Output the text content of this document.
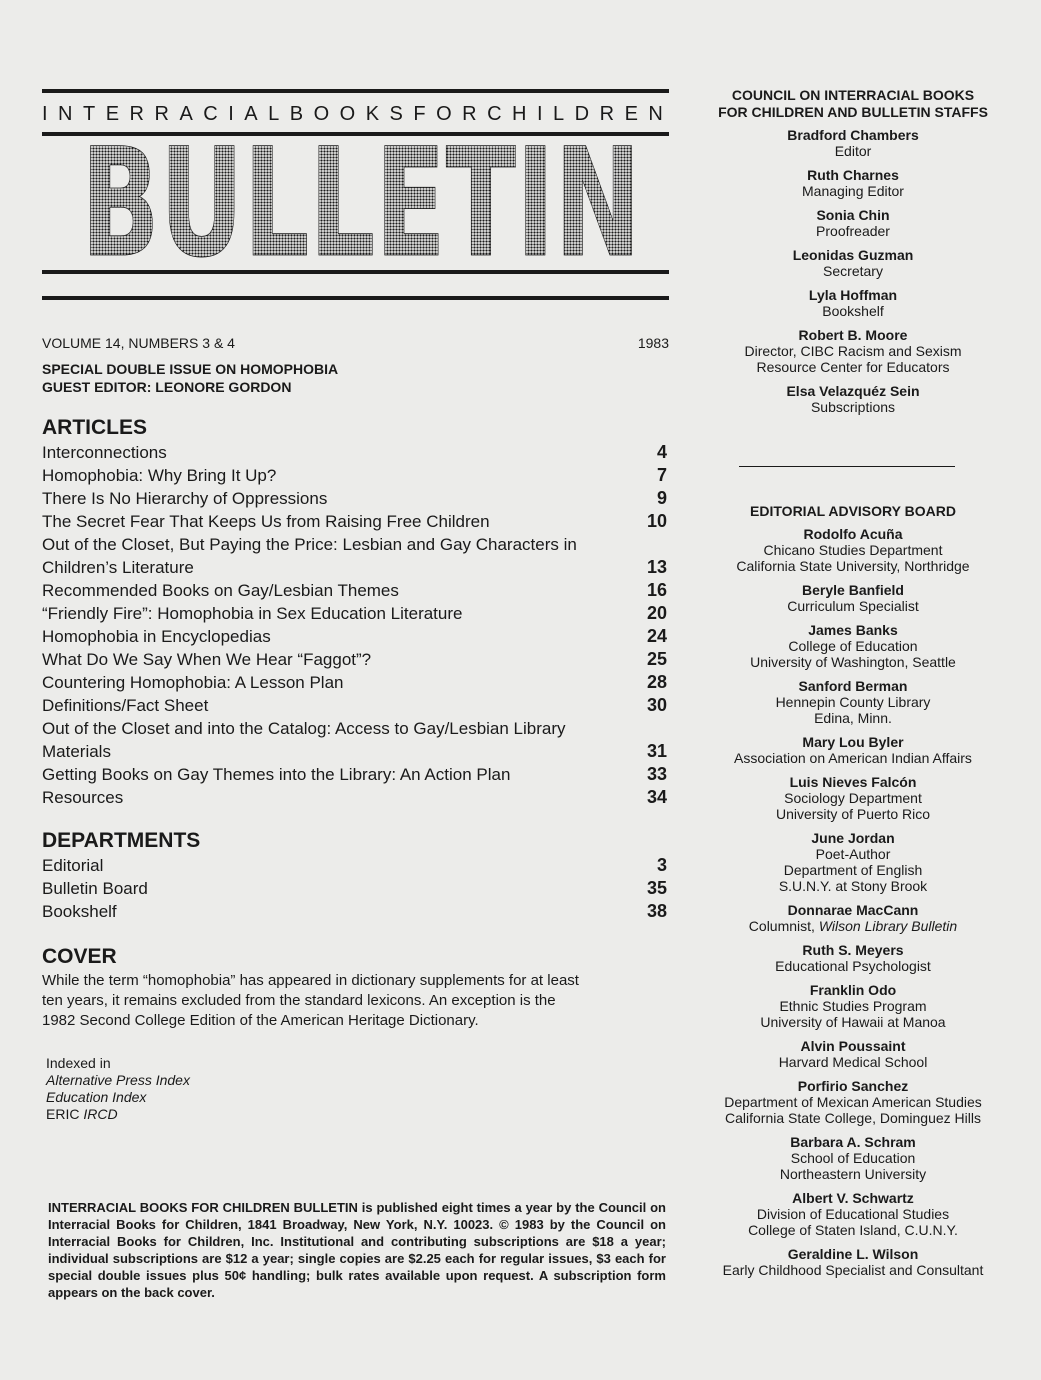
INTERRACIAL BOOKS FOR CHILDREN
BULLETIN
VOLUME 14, NUMBERS 3 & 4	1983
SPECIAL DOUBLE ISSUE ON HOMOPHOBIA
GUEST EDITOR: LEONORE GORDON
ARTICLES
Interconnections	4
Homophobia: Why Bring It Up?	7
There Is No Hierarchy of Oppressions	9
The Secret Fear That Keeps Us from Raising Free Children	10
Out of the Closet, But Paying the Price: Lesbian and Gay Characters in Children’s Literature	13
Recommended Books on Gay/Lesbian Themes	16
“Friendly Fire”: Homophobia in Sex Education Literature	20
Homophobia in Encyclopedias	24
What Do We Say When We Hear “Faggot”?	25
Countering Homophobia: A Lesson Plan	28
Definitions/Fact Sheet	30
Out of the Closet and into the Catalog: Access to Gay/Lesbian Library Materials	31
Getting Books on Gay Themes into the Library: An Action Plan	33
Resources	34
DEPARTMENTS
Editorial	3
Bulletin Board	35
Bookshelf	38
COVER
While the term “homophobia” has appeared in dictionary supplements for at least ten years, it remains excluded from the standard lexicons. An exception is the 1982 Second College Edition of the American Heritage Dictionary.
Indexed in
Alternative Press Index
Education Index
ERIC IRCD
INTERRACIAL BOOKS FOR CHILDREN BULLETIN is published eight times a year by the Council on Interracial Books for Children, 1841 Broadway, New York, N.Y. 10023. © 1983 by the Council on Interracial Books for Children, Inc. Institutional and contributing subscriptions are $18 a year; individual subscriptions are $12 a year; single copies are $2.25 each for regular issues, $3 each for special double issues plus 50¢ handling; bulk rates available upon request. A subscription form appears on the back cover.
COUNCIL ON INTERRACIAL BOOKS
FOR CHILDREN AND BULLETIN STAFFS
Bradford Chambers
Editor
Ruth Charnes
Managing Editor
Sonia Chin
Proofreader
Leonidas Guzman
Secretary
Lyla Hoffman
Bookshelf
Robert B. Moore
Director, CIBC Racism and Sexism
Resource Center for Educators
Elsa Velazquéz Sein
Subscriptions
EDITORIAL ADVISORY BOARD
Rodolfo Acuña
Chicano Studies Department
California State University, Northridge
Beryle Banfield
Curriculum Specialist
James Banks
College of Education
University of Washington, Seattle
Sanford Berman
Hennepin County Library
Edina, Minn.
Mary Lou Byler
Association on American Indian Affairs
Luis Nieves Falcón
Sociology Department
University of Puerto Rico
June Jordan
Poet-Author
Department of English
S.U.N.Y. at Stony Brook
Donnarae MacCann
Columnist, Wilson Library Bulletin
Ruth S. Meyers
Educational Psychologist
Franklin Odo
Ethnic Studies Program
University of Hawaii at Manoa
Alvin Poussaint
Harvard Medical School
Porfirio Sanchez
Department of Mexican American Studies
California State College, Dominguez Hills
Barbara A. Schram
School of Education
Northeastern University
Albert V. Schwartz
Division of Educational Studies
College of Staten Island, C.U.N.Y.
Geraldine L. Wilson
Early Childhood Specialist and Consultant
